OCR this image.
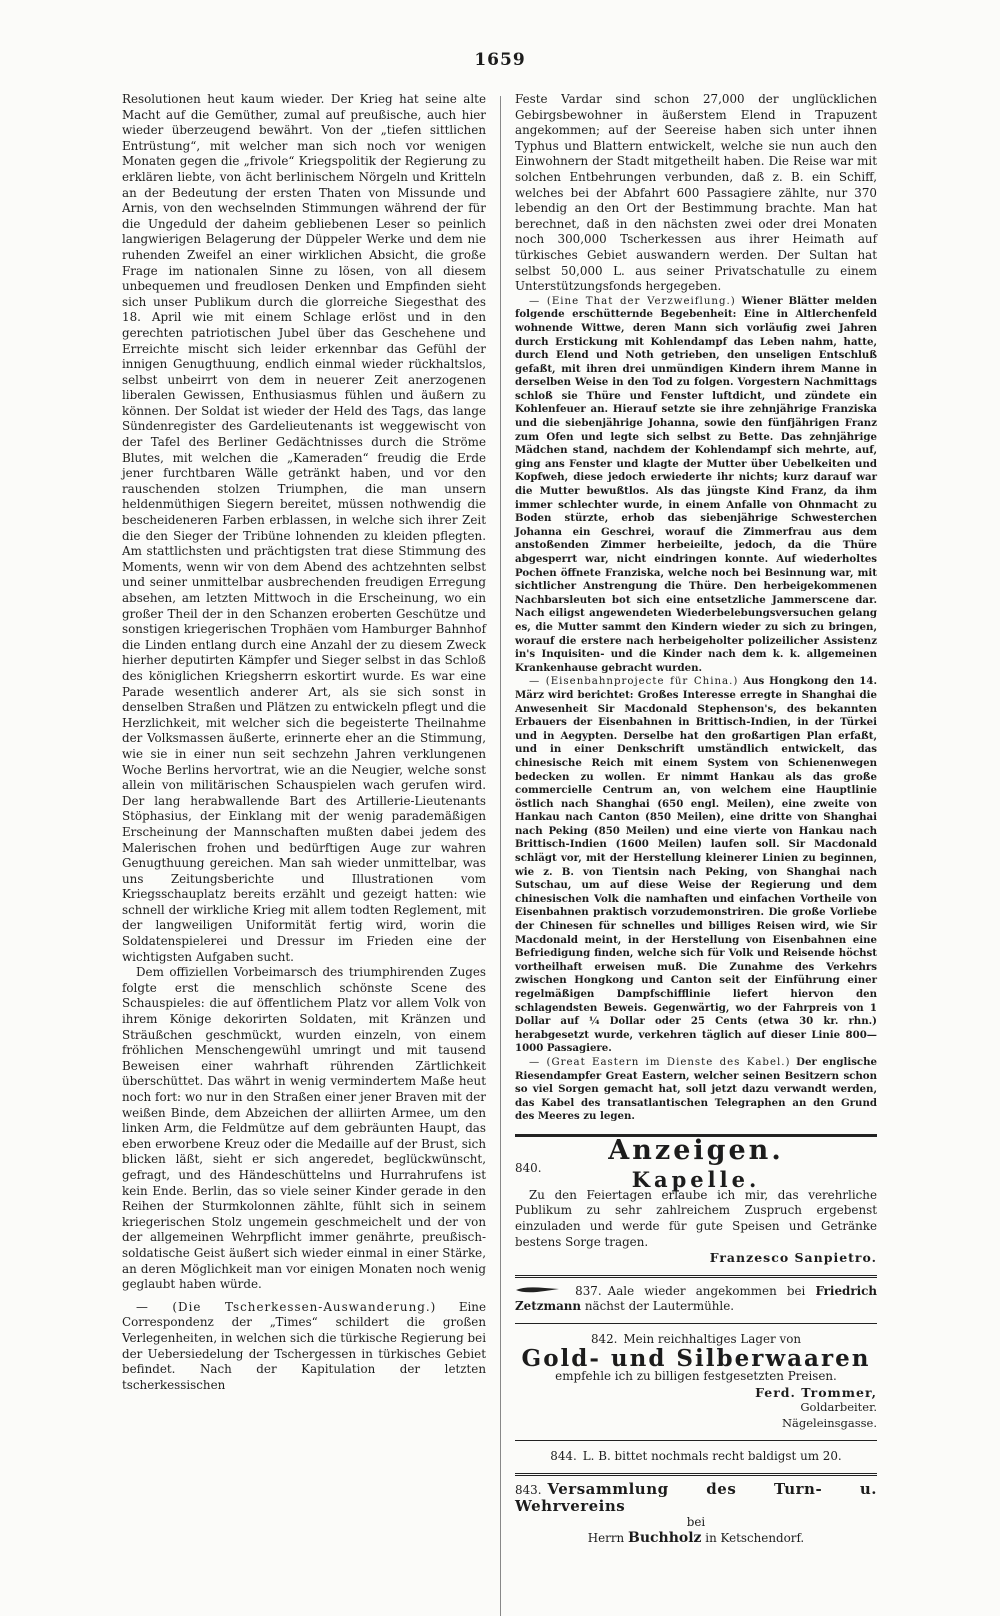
1659

Resolutionen heut kaum wieder. Der Krieg hat seine alte Macht auf die Gemüther, zumal auf preußische, auch hier wieder überzeugend bewährt. Von der „tiefen sittlichen Entrüstung“, mit welcher man sich noch vor wenigen Monaten gegen die „frivole“ Kriegspolitik der Regierung zu erklären liebte, von ächt berlinischem Nörgeln und Kritteln an der Bedeutung der ersten Thaten von Missunde und Arnis, von den wechselnden Stimmungen während der für die Ungeduld der daheim gebliebenen Leser so peinlich langwierigen Belagerung der Düppeler Werke und dem nie ruhenden Zweifel an einer wirklichen Absicht, die große Frage im nationalen Sinne zu lösen, von all diesem unbequemen und freudlosen Denken und Empfinden sieht sich unser Publikum durch die glorreiche Siegesthat des 18. April wie mit einem Schlage erlöst und in den gerechten patriotischen Jubel über das Geschehene und Erreichte mischt sich leider erkennbar das Gefühl der innigen Genugthuung, endlich einmal wieder rückhaltslos, selbst unbeirrt von dem in neuerer Zeit anerzogenen liberalen Gewissen, Enthusiasmus fühlen und äußern zu können. Der Soldat ist wieder der Held des Tags, das lange Sündenregister des Gardelieutenants ist weggewischt von der Tafel des Berliner Gedächtnisses durch die Ströme Blutes, mit welchen die „Kameraden“ freudig die Erde jener furchtbaren Wälle getränkt haben, und vor den rauschenden stolzen Triumphen, die man unsern heldenmüthigen Siegern bereitet, müssen nothwendig die bescheideneren Farben erblassen, in welche sich ihrer Zeit die den Sieger der Tribüne lohnenden zu kleiden pflegten. Am stattlichsten und prächtigsten trat diese Stimmung des Moments, wenn wir von dem Abend des achtzehnten selbst und seiner unmittelbar ausbrechenden freudigen Erregung absehen, am letzten Mittwoch in die Erscheinung, wo ein großer Theil der in den Schanzen eroberten Geschütze und sonstigen kriegerischen Trophäen vom Hamburger Bahnhof die Linden entlang durch eine Anzahl der zu diesem Zweck hierher deputirten Kämpfer und Sieger selbst in das Schloß des königlichen Kriegsherrn eskortirt wurde. Es war eine Parade wesentlich anderer Art, als sie sich sonst in denselben Straßen und Plätzen zu entwickeln pflegt und die Herzlichkeit, mit welcher sich die begeisterte Theilnahme der Volksmassen äußerte, erinnerte eher an die Stimmung, wie sie in einer nun seit sechzehn Jahren verklungenen Woche Berlins hervortrat, wie an die Neugier, welche sonst allein von militärischen Schauspielen wach gerufen wird. Der lang herabwallende Bart des Artillerie-Lieutenants Stöphasius, der Einklang mit der wenig parademäßigen Erscheinung der Mannschaften mußten dabei jedem des Malerischen frohen und bedürftigen Auge zur wahren Genugthuung gereichen. Man sah wieder unmittelbar, was uns Zeitungsberichte und Illustrationen vom Kriegsschauplatz bereits erzählt und gezeigt hatten: wie schnell der wirkliche Krieg mit allem todten Reglement, mit der langweiligen Uniformität fertig wird, worin die Soldatenspielerei und Dressur im Frieden eine der wichtigsten Aufgaben sucht.

Dem offiziellen Vorbeimarsch des triumphirenden Zuges folgte erst die menschlich schönste Scene des Schauspieles: die auf öffentlichem Platz vor allem Volk von ihrem Könige dekorirten Soldaten, mit Kränzen und Sträußchen geschmückt, wurden einzeln, von einem fröhlichen Menschengewühl umringt und mit tausend Beweisen einer wahrhaft rührenden Zärtlichkeit überschüttet. Das währt in wenig vermindertem Maße heut noch fort: wo nur in den Straßen einer jener Braven mit der weißen Binde, dem Abzeichen der alliirten Armee, um den linken Arm, die Feldmütze auf dem gebräunten Haupt, das eben erworbene Kreuz oder die Medaille auf der Brust, sich blicken läßt, sieht er sich angeredet, beglückwünscht, gefragt, und des Händeschüttelns und Hurrahrufens ist kein Ende. Berlin, das so viele seiner Kinder gerade in den Reihen der Sturmkolonnen zählte, fühlt sich in seinem kriegerischen Stolz ungemein geschmeichelt und der von der allgemeinen Wehrpflicht immer genährte, preußisch-soldatische Geist äußert sich wieder einmal in einer Stärke, an deren Möglichkeit man vor einigen Monaten noch wenig geglaubt haben würde.

— (Die Tscherkessen-Auswanderung.) Eine Correspondenz der „Times“ schildert die großen Verlegenheiten, in welchen sich die türkische Regierung bei der Uebersiedelung der Tschergessen in türkisches Gebiet befindet. Nach der Kapitulation der letzten tscherkessischen

Feste Vardar sind schon 27,000 der unglücklichen Gebirgsbewohner in äußerstem Elend in Trapuzent angekommen; auf der Seereise haben sich unter ihnen Typhus und Blattern entwickelt, welche sie nun auch den Einwohnern der Stadt mitgetheilt haben. Die Reise war mit solchen Entbehrungen verbunden, daß z. B. ein Schiff, welches bei der Abfahrt 600 Passagiere zählte, nur 370 lebendig an den Ort der Bestimmung brachte. Man hat berechnet, daß in den nächsten zwei oder drei Monaten noch 300,000 Tscherkessen aus ihrer Heimath auf türkisches Gebiet auswandern werden. Der Sultan hat selbst 50,000 L. aus seiner Privatschatulle zu einem Unterstützungsfonds hergegeben.

— (Eine That der Verzweiflung.) Wiener Blätter melden folgende erschütternde Begebenheit: Eine in Altlerchenfeld wohnende Wittwe, deren Mann sich vorläufig zwei Jahren durch Erstickung mit Kohlendampf das Leben nahm, hatte, durch Elend und Noth getrieben, den unseligen Entschluß gefaßt, mit ihren drei unmündigen Kindern ihrem Manne in derselben Weise in den Tod zu folgen. Vorgestern Nachmittags schloß sie Thüre und Fenster luftdicht, und zündete ein Kohlenfeuer an. Hierauf setzte sie ihre zehnjährige Franziska und die siebenjährige Johanna, sowie den fünfjährigen Franz zum Ofen und legte sich selbst zu Bette. Das zehnjährige Mädchen stand, nachdem der Kohlendampf sich mehrte, auf, ging ans Fenster und klagte der Mutter über Uebelkeiten und Kopfweh, diese jedoch erwiederte ihr nichts; kurz darauf war die Mutter bewußtlos. Als das jüngste Kind Franz, da ihm immer schlechter wurde, in einem Anfalle von Ohnmacht zu Boden stürzte, erhob das siebenjährige Schwesterchen Johanna ein Geschrei, worauf die Zimmerfrau aus dem anstoßenden Zimmer herbeieilte, jedoch, da die Thüre abgesperrt war, nicht eindringen konnte. Auf wiederholtes Pochen öffnete Franziska, welche noch bei Besinnung war, mit sichtlicher Anstrengung die Thüre. Den herbeigekommenen Nachbarsleuten bot sich eine entsetzliche Jammerscene dar. Nach eiligst angewendeten Wiederbelebungsversuchen gelang es, die Mutter sammt den Kindern wieder zu sich zu bringen, worauf die erstere nach herbeigeholter polizeilicher Assistenz in's Inquisiten- und die Kinder nach dem k. k. allgemeinen Krankenhause gebracht wurden.

— (Eisenbahnprojecte für China.) Aus Hongkong den 14. März wird berichtet: Großes Interesse erregte in Shanghai die Anwesenheit Sir Macdonald Stephenson's, des bekannten Erbauers der Eisenbahnen in Brittisch-Indien, in der Türkei und in Aegypten. Derselbe hat den großartigen Plan erfaßt, und in einer Denkschrift umständlich entwickelt, das chinesische Reich mit einem System von Schienenwegen bedecken zu wollen. Er nimmt Hankau als das große commercielle Centrum an, von welchem eine Hauptlinie östlich nach Shanghai (650 engl. Meilen), eine zweite von Hankau nach Canton (850 Meilen), eine dritte von Shanghai nach Peking (850 Meilen) und eine vierte von Hankau nach Brittisch-Indien (1600 Meilen) laufen soll. Sir Macdonald schlägt vor, mit der Herstellung kleinerer Linien zu beginnen, wie z. B. von Tientsin nach Peking, von Shanghai nach Sutschau, um auf diese Weise der Regierung und dem chinesischen Volk die namhaften und einfachen Vortheile von Eisenbahnen praktisch vorzudemonstriren. Die große Vorliebe der Chinesen für schnelles und billiges Reisen wird, wie Sir Macdonald meint, in der Herstellung von Eisenbahnen eine Befriedigung finden, welche sich für Volk und Reisende höchst vortheilhaft erweisen muß. Die Zunahme des Verkehrs zwischen Hongkong und Canton seit der Einführung einer regelmäßigen Dampfschifflinie liefert hiervon den schlagendsten Beweis. Gegenwärtig, wo der Fahrpreis von 1 Dollar auf ¼ Dollar oder 25 Cents (etwa 30 kr. rhn.) herabgesetzt wurde, verkehren täglich auf dieser Linie 800—1000 Passagiere.

— (Great Eastern im Dienste des Kabel.) Der englische Riesendampfer Great Eastern, welcher seinen Besitzern schon so viel Sorgen gemacht hat, soll jetzt dazu verwandt werden, das Kabel des transatlantischen Telegraphen an den Grund des Meeres zu legen.

Anzeigen.
840.	Kapelle.

Zu den Feiertagen erlaube ich mir, das verehrliche Publikum zu sehr zahlreichem Zuspruch ergebenst einzuladen und werde für gute Speisen und Getränke bestens Sorge tragen.

Franzesco Sanpietro.
837. Aale wieder angekommen bei Friedrich Zetzmann nächst der Lautermühle.
842. Mein reichhaltiges Lager von
Gold- und Silberwaaren
empfehle ich zu billigen festgesetzten Preisen.
Ferd. Trommer,
Goldarbeiter.
Nägeleinsgasse.
844. L. B. bittet nochmals recht baldigst um 20.
843. Versammlung des Turn- u. Wehrvereins
bei
Herrn Buchholz in Ketschendorf.
